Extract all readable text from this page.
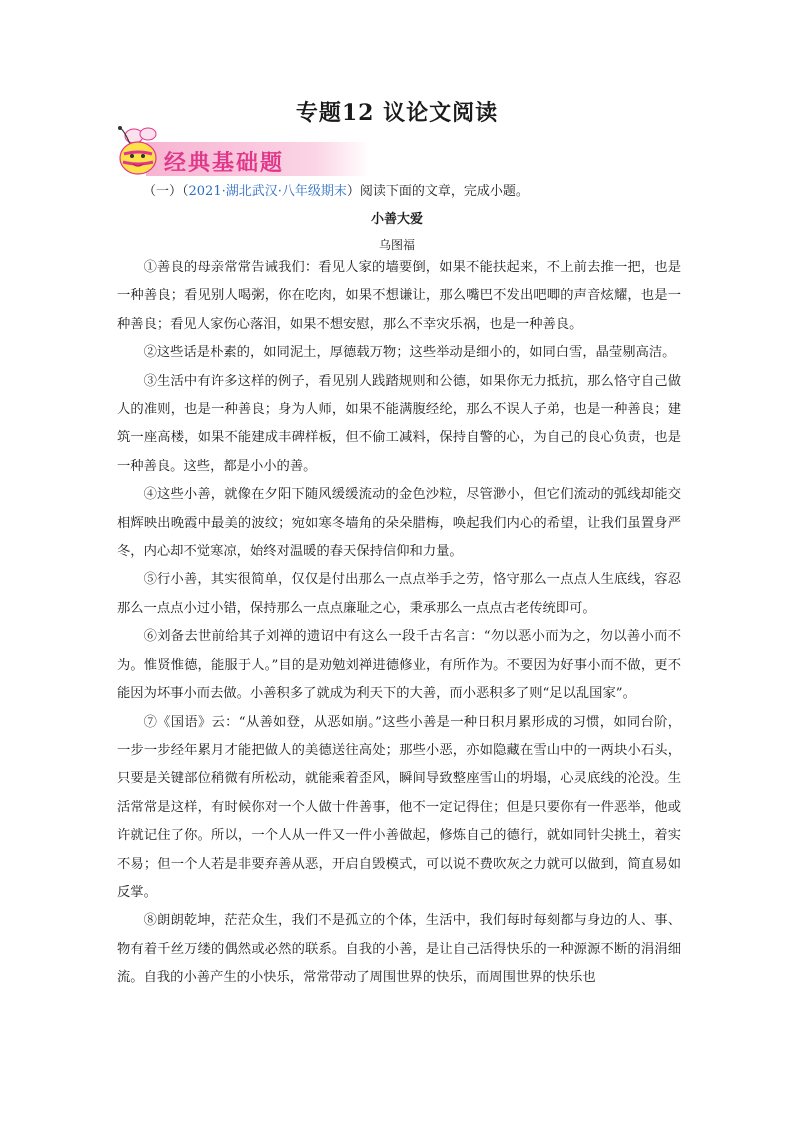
专题12 议论文阅读
经典基础题
（一）（2021·湖北武汉·八年级期末）阅读下面的文章，完成小题。
小善大爱
乌图福

①善良的母亲常常告诫我们：看见人家的墙要倒，如果不能扶起来，不上前去推一把，也是一种善良；看见别人喝粥，你在吃肉，如果不想谦让，那么嘴巴不发出吧唧的声音炫耀，也是一种善良；看见人家伤心落泪，如果不想安慰，那么不幸灾乐祸，也是一种善良。

②这些话是朴素的，如同泥土，厚德载万物；这些举动是细小的，如同白雪，晶莹剔高洁。

③生活中有许多这样的例子，看见别人践踏规则和公德，如果你无力抵抗，那么恪守自己做人的准则，也是一种善良；身为人师，如果不能满腹经纶，那么不误人子弟，也是一种善良；建筑一座高楼，如果不能建成丰碑样板，但不偷工减料，保持自警的心，为自己的良心负责，也是一种善良。这些，都是小小的善。

④这些小善，就像在夕阳下随风缓缓流动的金色沙粒，尽管渺小，但它们流动的弧线却能交相辉映出晚霞中最美的波纹；宛如寒冬墙角的朵朵腊梅，唤起我们内心的希望，让我们虽置身严冬，内心却不觉寒凉，始终对温暖的春天保持信仰和力量。

⑤行小善，其实很简单，仅仅是付出那么一点点举手之劳，恪守那么一点点人生底线，容忍那么一点点小过小错，保持那么一点点廉耻之心，秉承那么一点点古老传统即可。

⑥刘备去世前给其子刘禅的遗诏中有这么一段千古名言：“勿以恶小而为之，勿以善小而不为。惟贤惟德，能服于人。”目的是劝勉刘禅进德修业，有所作为。不要因为好事小而不做，更不能因为坏事小而去做。小善积多了就成为利天下的大善，而小恶积多了则“足以乱国家”。

⑦《国语》云：“从善如登，从恶如崩。”这些小善是一种日积月累形成的习惯，如同台阶，一步一步经年累月才能把做人的美德送往高处；那些小恶，亦如隐藏在雪山中的一两块小石头，只要是关键部位稍微有所松动，就能乘着歪风，瞬间导致整座雪山的坍塌，心灵底线的沦没。生活常常是这样，有时候你对一个人做十件善事，他不一定记得住；但是只要你有一件恶举，他或许就记住了你。所以，一个人从一件又一件小善做起，修炼自己的德行，就如同针尖挑土，着实不易；但一个人若是非要弃善从恶，开启自毁模式，可以说不费吹灰之力就可以做到，简直易如反掌。

⑧朗朗乾坤，茫茫众生，我们不是孤立的个体，生活中，我们每时每刻都与身边的人、事、物有着千丝万缕的偶然或必然的联系。自我的小善，是让自己活得快乐的一种源源不断的涓涓细流。自我的小善产生的小快乐，常常带动了周围世界的快乐，而周围世界的快乐也
